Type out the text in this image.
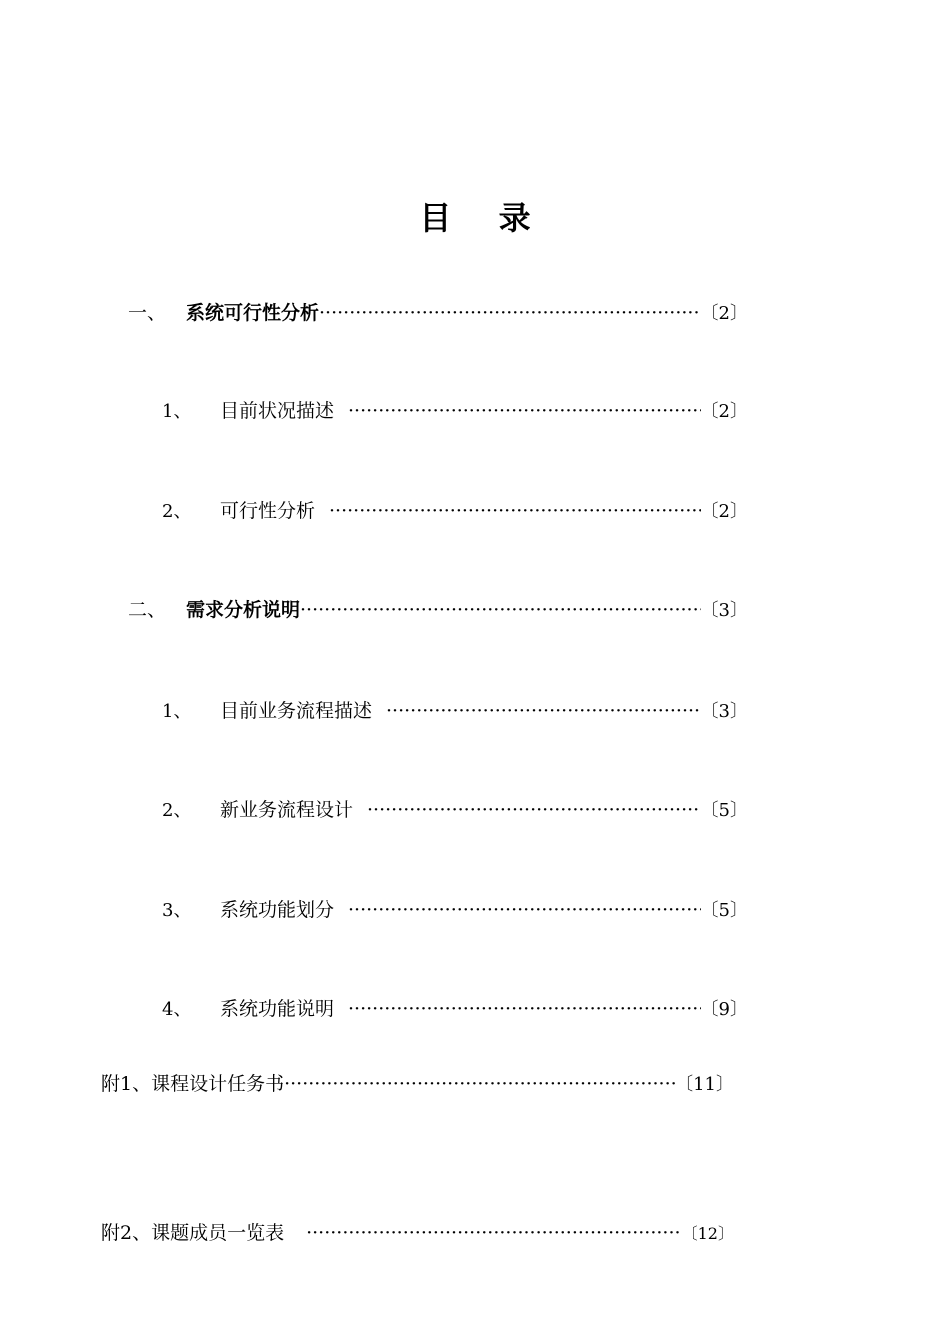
目 录
一、	系统可行性分析 ·····	〔2〕
1、	目前状况描述 ·····	〔2〕
2、	可行性分析 ·····	〔2〕
二、	需求分析说明 ·····	〔3〕
1、	目前业务流程描述 ·····	〔3〕
2、	新业务流程设计 ·····	〔5〕
3、	系统功能划分 ·····	〔5〕
4、	系统功能说明 ·····	〔9〕
附1、课程设计任务书 ·····	〔11〕
附2、课题成员一览表 ·····	〔12〕
